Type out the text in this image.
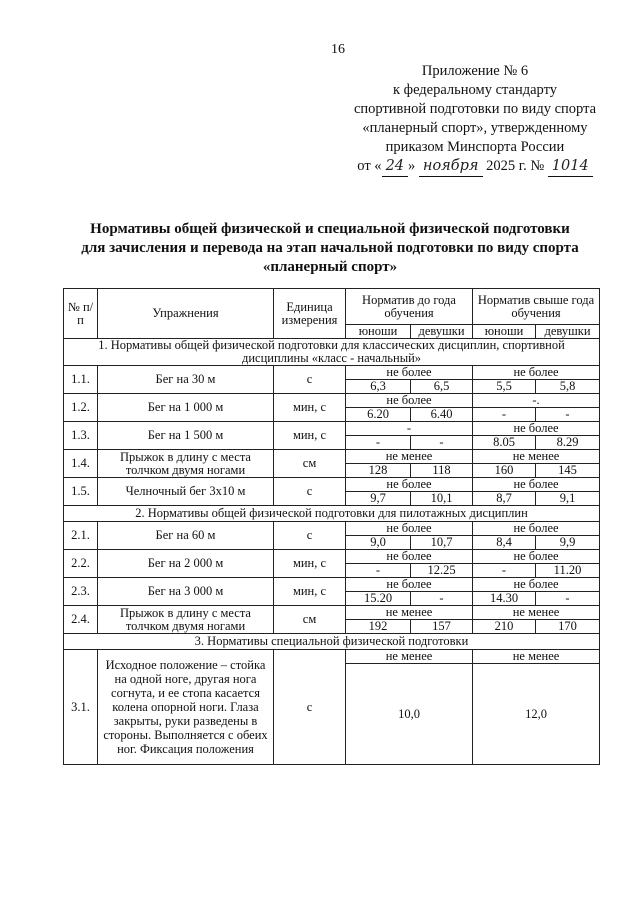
16
Приложение № 6
к федеральному стандарту
спортивной подготовки по виду спорта
«планерный спорт», утвержденному
приказом Минспорта России
от « 24 » ноября 2025 г. № 1014
Нормативы общей физической и специальной физической подготовки
для зачисления и перевода на этап начальной подготовки по виду спорта
«планерный спорт»
№ п/п	Упражнения	Единица измерения	Норматив до года обучения		Норматив свыше года обучения	
			юноши	девушки	юноши	девушки
1. Нормативы общей физической подготовки для классических дисциплин, спортивной дисциплины «класс - начальный»						
1.1.	Бег на 30 м	с	не более		не более	
			6,3	6,5	5,5	5,8
1.2.	Бег на 1 000 м	мин, с	не более		-.	
			6.20	6.40	-	-
1.3.	Бег на 1 500 м	мин, с	-		не более	
			-	-	8.05	8.29
1.4.	Прыжок в длину с места толчком двумя ногами	см	не менее		не менее	
			128	118	160	145
1.5.	Челночный бег 3х10 м	с	не более		не более	
			9,7	10,1	8,7	9,1
2. Нормативы общей физической подготовки для пилотажных дисциплин						
2.1.	Бег на 60 м	с	не более		не более	
			9,0	10,7	8,4	9,9
2.2.	Бег на 2 000 м	мин, с	не более		не более	
			-	12.25	-	11.20
2.3.	Бег на 3 000 м	мин, с	не более		не более	
			15.20	-	14.30	-
2.4.	Прыжок в длину с места толчком двумя ногами	см	не менее		не менее	
			192	157	210	170
3. Нормативы специальной физической подготовки						
3.1.	Исходное положение – стойка на одной ноге, другая нога согнута, и ее стопа касается колена опорной ноги. Глаза закрыты, руки разведены в стороны. Выполняется с обеих ног. Фиксация положения	с	не менее		не менее	
			10,0		12,0	
